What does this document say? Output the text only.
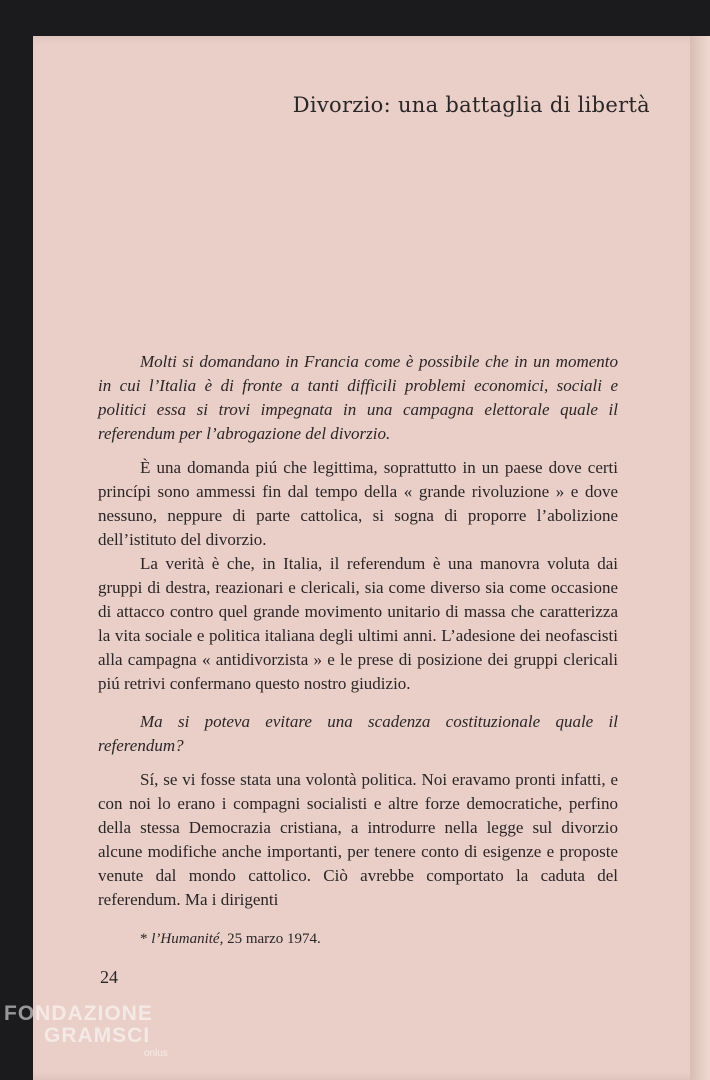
Divorzio: una battaglia di libertà

Molti si domandano in Francia come è possibile che in un momento in cui l’Italia è di fronte a tanti difficili problemi economici, sociali e politici essa si trovi impegnata in una campagna elettorale quale il referendum per l’abrogazione del divorzio.

È una domanda piú che legittima, soprattutto in un paese dove certi princípi sono ammessi fin dal tempo della « grande rivoluzione » e dove nessuno, neppure di parte cattolica, si sogna di proporre l’abolizione dell’istituto del divorzio.

La verità è che, in Italia, il referendum è una manovra voluta dai gruppi di destra, reazionari e clericali, sia come diverso sia come occasione di attacco contro quel grande movimento unitario di massa che caratterizza la vita sociale e politica italiana degli ultimi anni. L’adesione dei neofascisti alla campagna « antidivorzista » e le prese di posizione dei gruppi clericali piú retrivi confermano questo nostro giudizio.

Ma si poteva evitare una scadenza costituzionale quale il referendum?

Sí, se vi fosse stata una volontà politica. Noi eravamo pronti infatti, e con noi lo erano i compagni socialisti e altre forze democratiche, perfino della stessa Democrazia cristiana, a introdurre nella legge sul divorzio alcune modifiche anche importanti, per tenere conto di esigenze e proposte venute dal mondo cattolico. Ciò avrebbe comportato la caduta del referendum. Ma i dirigenti

* l’Humanité, 25 marzo 1974.
24
FONDAZIONE
GRAMSCI
onlus
